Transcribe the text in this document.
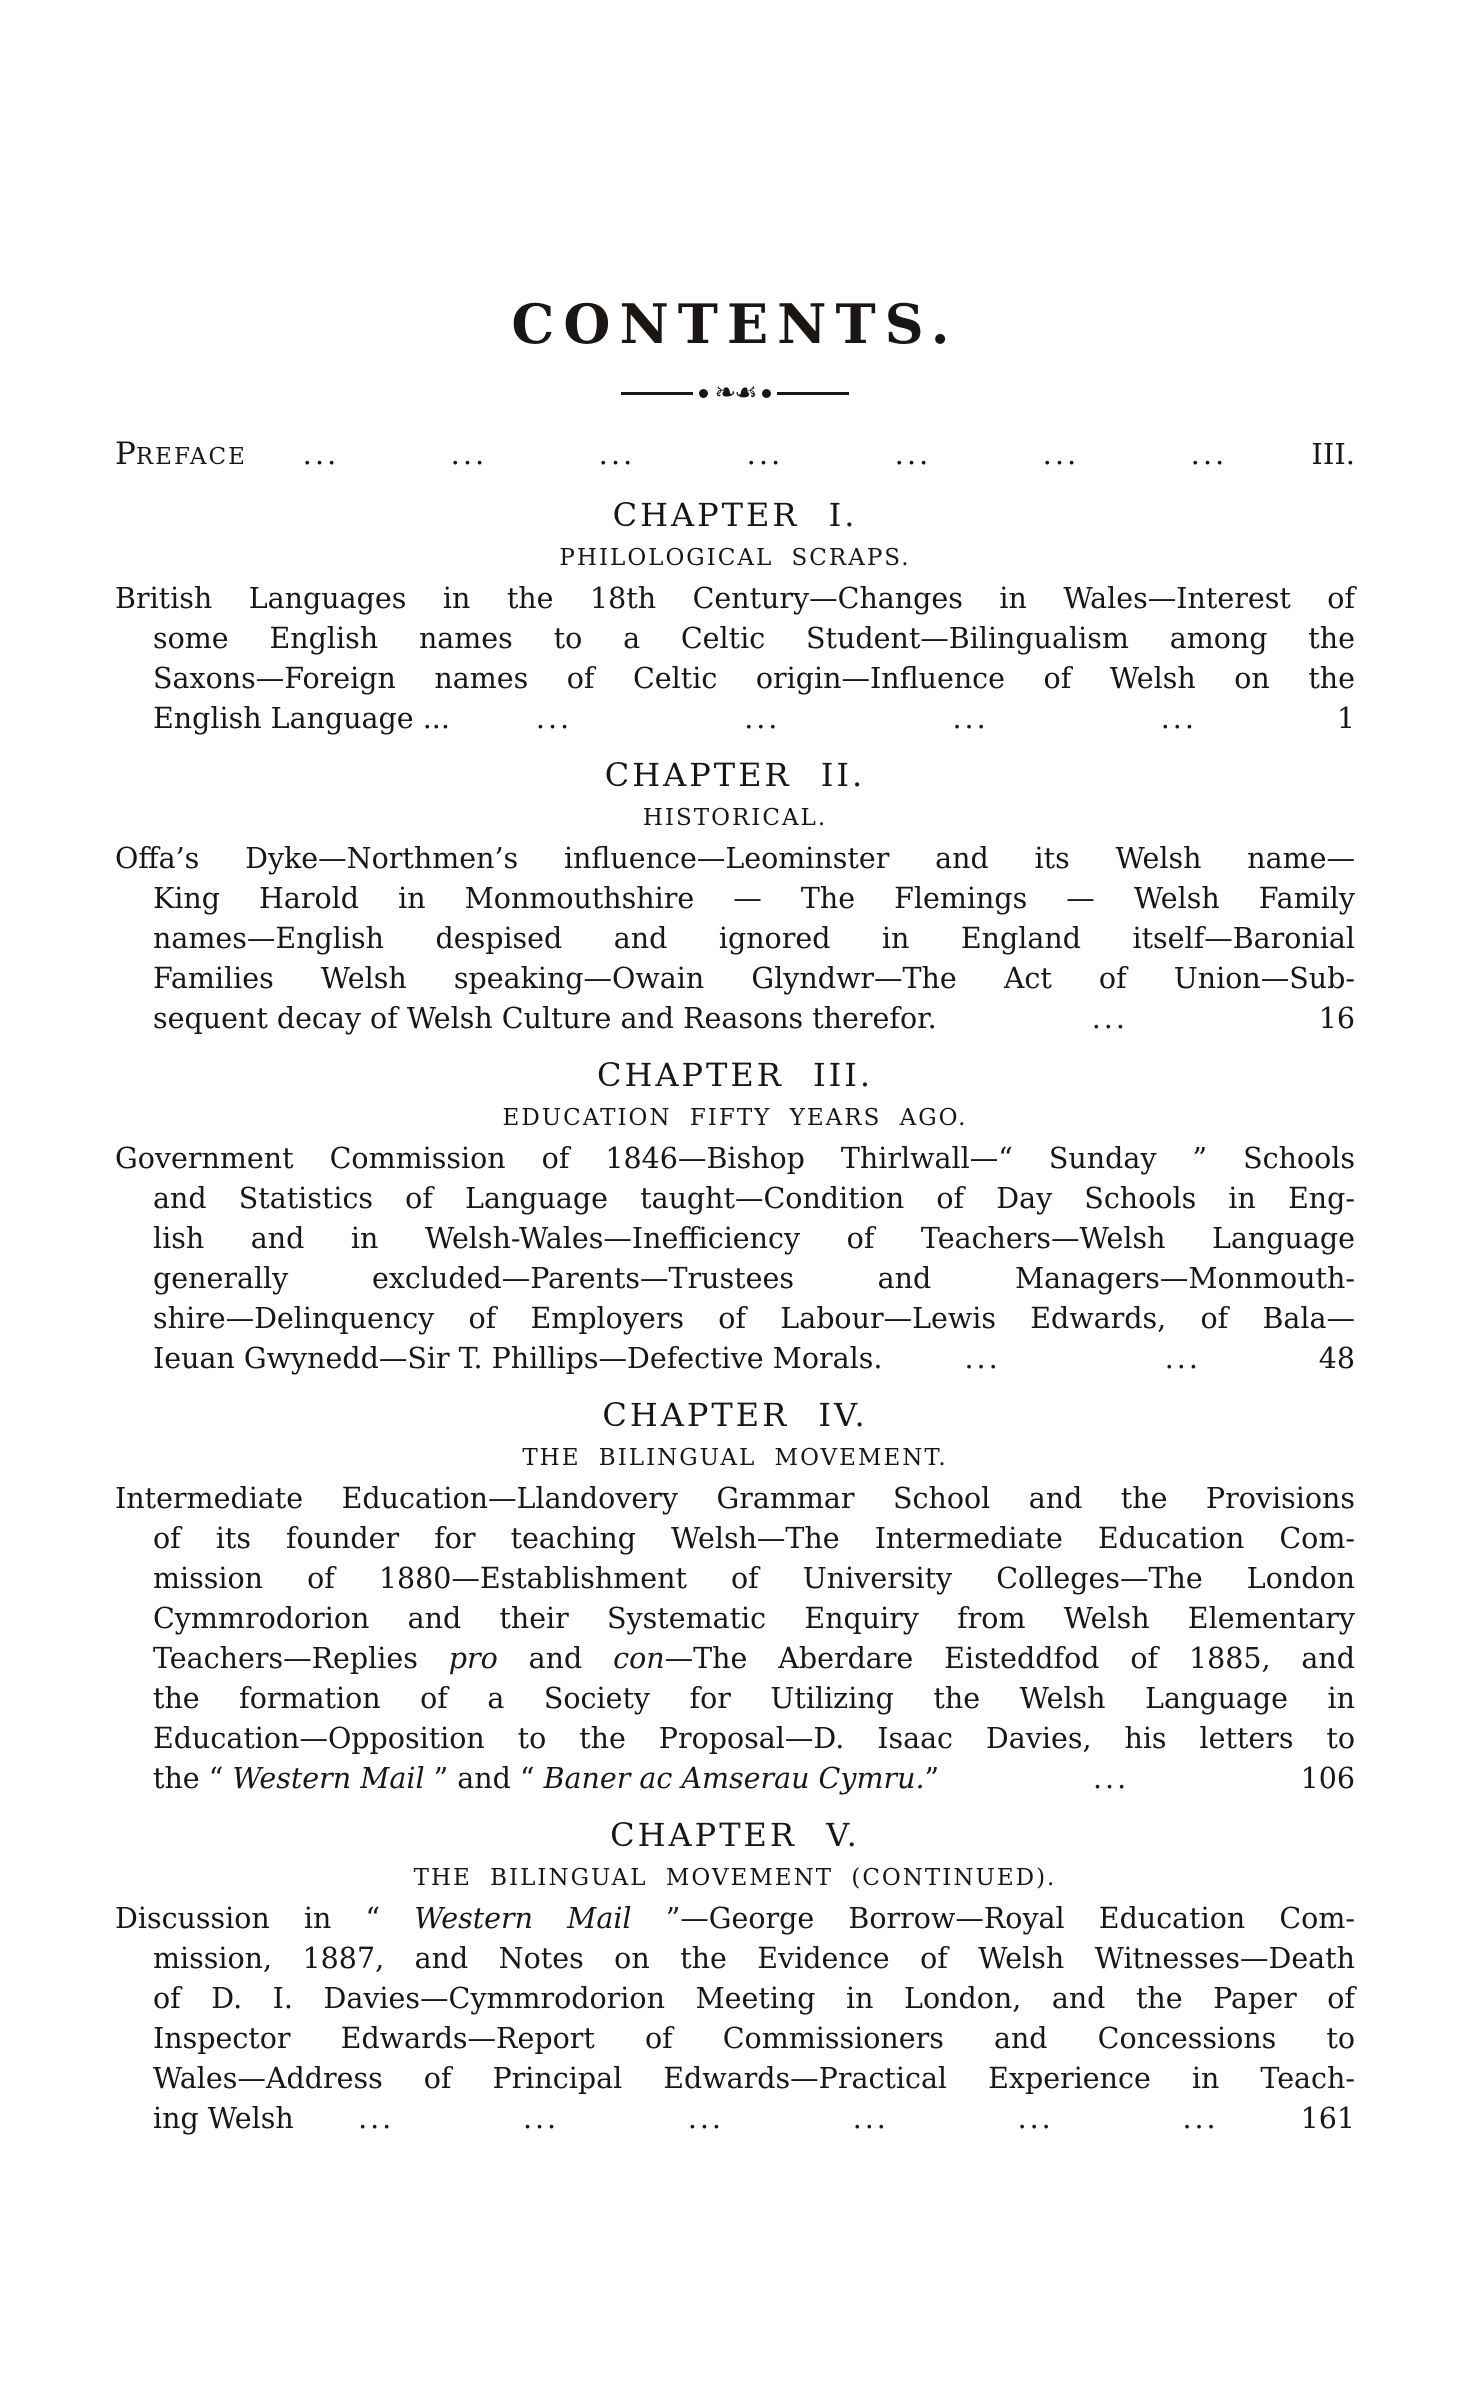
CONTENTS.
❧☙
PREFACE ...	...	...	...	...	...	...	III.
CHAPTER I.
PHILOLOGICAL SCRAPS.
British Languages in the 18th Century—Changes in Wales—Interest of
some English names to a Celtic Student—Bilingualism among the
Saxons—Foreign names of Celtic origin—Influence of Welsh on the
English Language ...	...	...	...	...	1
CHAPTER II.
HISTORICAL.
Offa’s Dyke—Northmen’s influence—Leominster and its Welsh name—
King Harold in Monmouthshire — The Flemings — Welsh Family
names—English despised and ignored in England itself—Baronial
Families Welsh speaking—Owain Glyndwr—The Act of Union—Sub-
sequent decay of Welsh Culture and Reasons therefor.	...	16
CHAPTER III.
EDUCATION FIFTY YEARS AGO.
Government Commission of 1846—Bishop Thirlwall—“ Sunday ” Schools
and Statistics of Language taught—Condition of Day Schools in Eng-
lish and in Welsh-Wales—Inefficiency of Teachers—Welsh Language
generally excluded—Parents—Trustees and Managers—Monmouth-
shire—Delinquency of Employers of Labour—Lewis Edwards, of Bala—
Ieuan Gwynedd—Sir T. Phillips—Defective Morals.	...	...	48
CHAPTER IV.
THE BILINGUAL MOVEMENT.
Intermediate Education—Llandovery Grammar School and the Provisions
of its founder for teaching Welsh—The Intermediate Education Com-
mission of 1880—Establishment of University Colleges—The London
Cymmrodorion and their Systematic Enquiry from Welsh Elementary
Teachers—Replies pro and con—The Aberdare Eisteddfod of 1885, and
the formation of a Society for Utilizing the Welsh Language in
Education—Opposition to the Proposal—D. Isaac Davies, his letters to
the “ Western Mail ” and “ Baner ac Amserau Cymru.”	...	106
CHAPTER V.
THE BILINGUAL MOVEMENT (CONTINUED).
Discussion in “ Western Mail ”—George Borrow—Royal Education Com-
mission, 1887, and Notes on the Evidence of Welsh Witnesses—Death
of D. I. Davies—Cymmrodorion Meeting in London, and the Paper of
Inspector Edwards—Report of Commissioners and Concessions to
Wales—Address of Principal Edwards—Practical Experience in Teach-
ing Welsh ...	...	...	...	...	...	161
